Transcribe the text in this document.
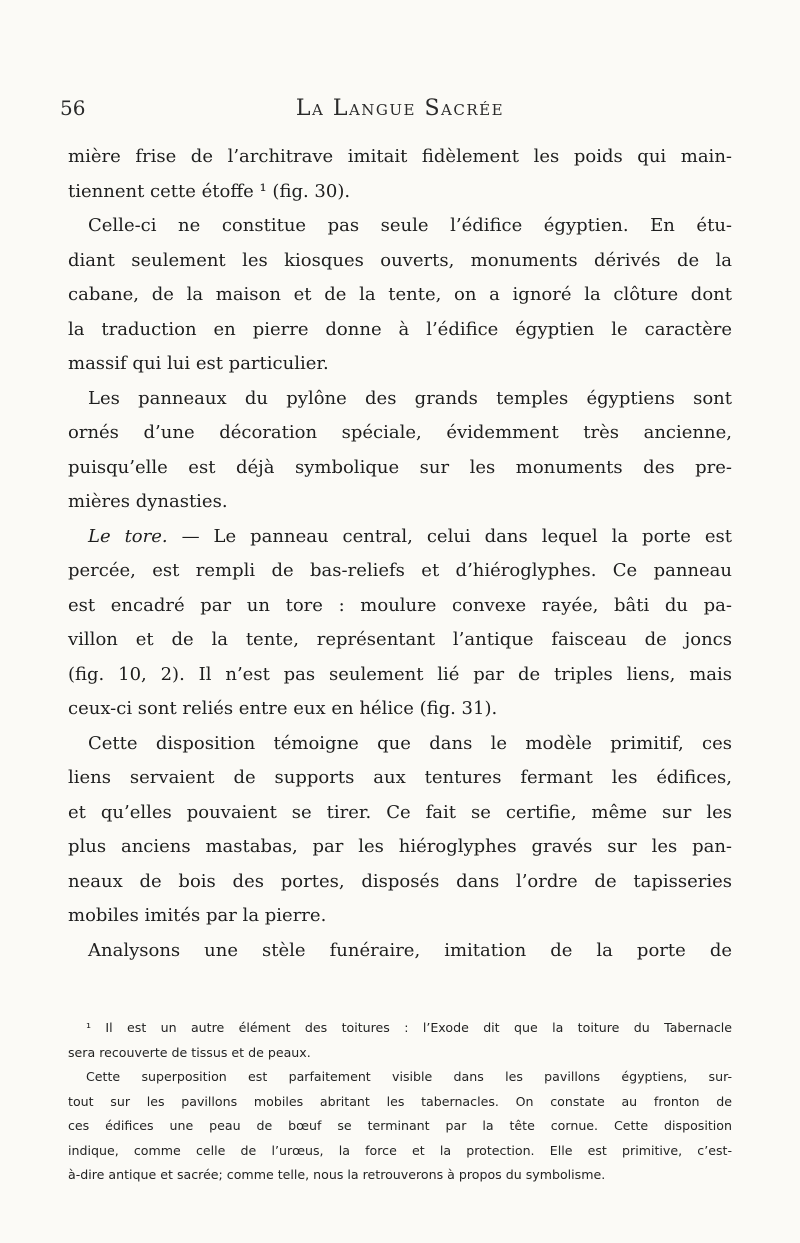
56	La Langue Sacrée
mière frise de l’architrave imitait fidèlement les poids qui main-
tiennent cette étoffe ¹ (fig. 30).
Celle-ci ne constitue pas seule l’édifice égyptien. En étu-
diant seulement les kiosques ouverts, monuments dérivés de la
cabane, de la maison et de la tente, on a ignoré la clôture dont
la traduction en pierre donne à l’édifice égyptien le caractère
massif qui lui est particulier.
Les panneaux du pylône des grands temples égyptiens sont
ornés d’une décoration spéciale, évidemment très ancienne,
puisqu’elle est déjà symbolique sur les monuments des pre-
mières dynasties.
Le tore. — Le panneau central, celui dans lequel la porte est
percée, est rempli de bas-reliefs et d’hiéroglyphes. Ce panneau
est encadré par un tore : moulure convexe rayée, bâti du pa-
villon et de la tente, représentant l’antique faisceau de joncs
(fig. 10, 2). Il n’est pas seulement lié par de triples liens, mais
ceux-ci sont reliés entre eux en hélice (fig. 31).
Cette disposition témoigne que dans le modèle primitif, ces
liens servaient de supports aux tentures fermant les édifices,
et qu’elles pouvaient se tirer. Ce fait se certifie, même sur les
plus anciens mastabas, par les hiéroglyphes gravés sur les pan-
neaux de bois des portes, disposés dans l’ordre de tapisseries
mobiles imités par la pierre.
Analysons une stèle funéraire, imitation de la porte de
¹ Il est un autre élément des toitures : l’Exode dit que la toiture du Tabernacle
sera recouverte de tissus et de peaux.
Cette superposition est parfaitement visible dans les pavillons égyptiens, sur-
tout sur les pavillons mobiles abritant les tabernacles. On constate au fronton de
ces édifices une peau de bœuf se terminant par la tête cornue. Cette disposition
indique, comme celle de l’urœus, la force et la protection. Elle est primitive, c’est-
à-dire antique et sacrée; comme telle, nous la retrouverons à propos du symbolisme.
